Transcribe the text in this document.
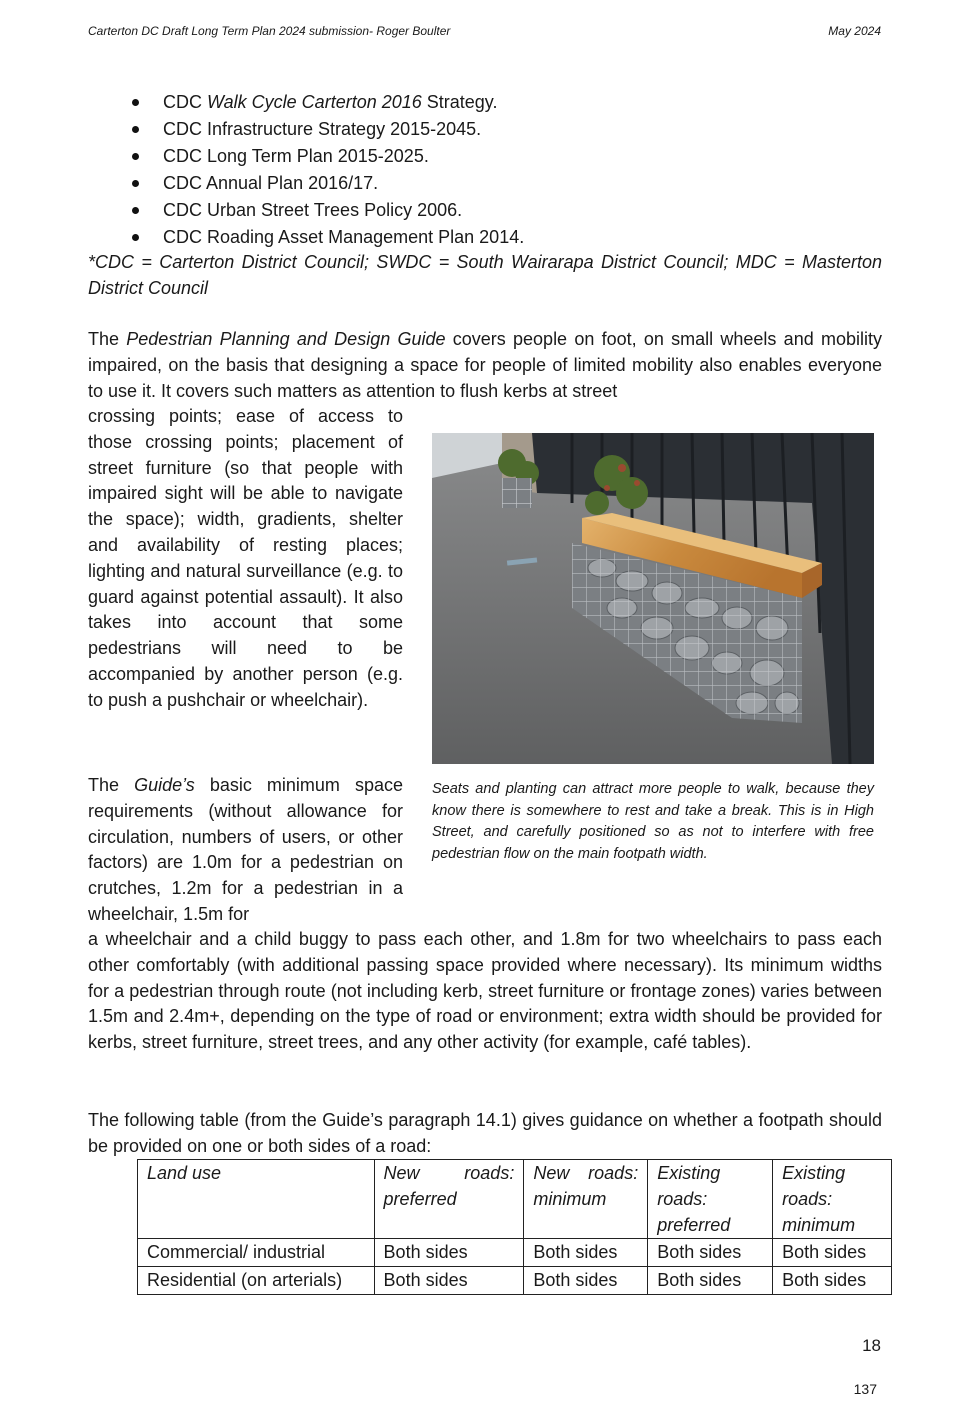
Carterton DC Draft Long Term Plan 2024 submission- Roger Boulter	May 2024
CDC Walk Cycle Carterton 2016 Strategy.
CDC Infrastructure Strategy 2015-2045.
CDC Long Term Plan 2015-2025.
CDC Annual Plan 2016/17.
CDC Urban Street Trees Policy 2006.
CDC Roading Asset Management Plan 2014.

*CDC = Carterton District Council; SWDC = South Wairarapa District Council; MDC = Masterton District Council

The Pedestrian Planning and Design Guide covers people on foot, on small wheels and mobility impaired, on the basis that designing a space for people of limited mobility also enables everyone to use it. It covers such matters as attention to flush kerbs at street

crossing points; ease of access to those crossing points; placement of street furniture (so that people with impaired sight will be able to navigate the space); width, gradients, shelter and availability of resting places; lighting and natural surveillance (e.g. to guard against potential assault). It also takes into account that some pedestrians will need to be accompanied by another person (e.g. to push a pushchair or wheelchair).

Seats and planting can attract more people to walk, because they know there is somewhere to rest and take a break. This is in High Street, and carefully positioned so as not to interfere with free pedestrian flow on the main footpath width.

The Guide’s basic minimum space requirements (without allowance for circulation, numbers of users, or other factors) are 1.0m for a pedestrian on crutches, 1.2m for a pedestrian in a wheelchair, 1.5m for

a wheelchair and a child buggy to pass each other, and 1.8m for two wheelchairs to pass each other comfortably (with additional passing space provided where necessary). Its minimum widths for a pedestrian through route (not including kerb, street furniture or frontage zones) varies between 1.5m and 2.4m+, depending on the type of road or environment; extra width should be provided for kerbs, street furniture, street trees, and any other activity (for example, café tables).

The following table (from the Guide’s paragraph 14.1) gives guidance on whether a footpath should be provided on one or both sides of a road:

Land use	New roads: preferred	New roads: minimum	Existing roads: preferred	Existing roads: minimum
Commercial/ industrial	Both sides	Both sides	Both sides	Both sides
Residential (on arterials)	Both sides	Both sides	Both sides	Both sides
18
137
